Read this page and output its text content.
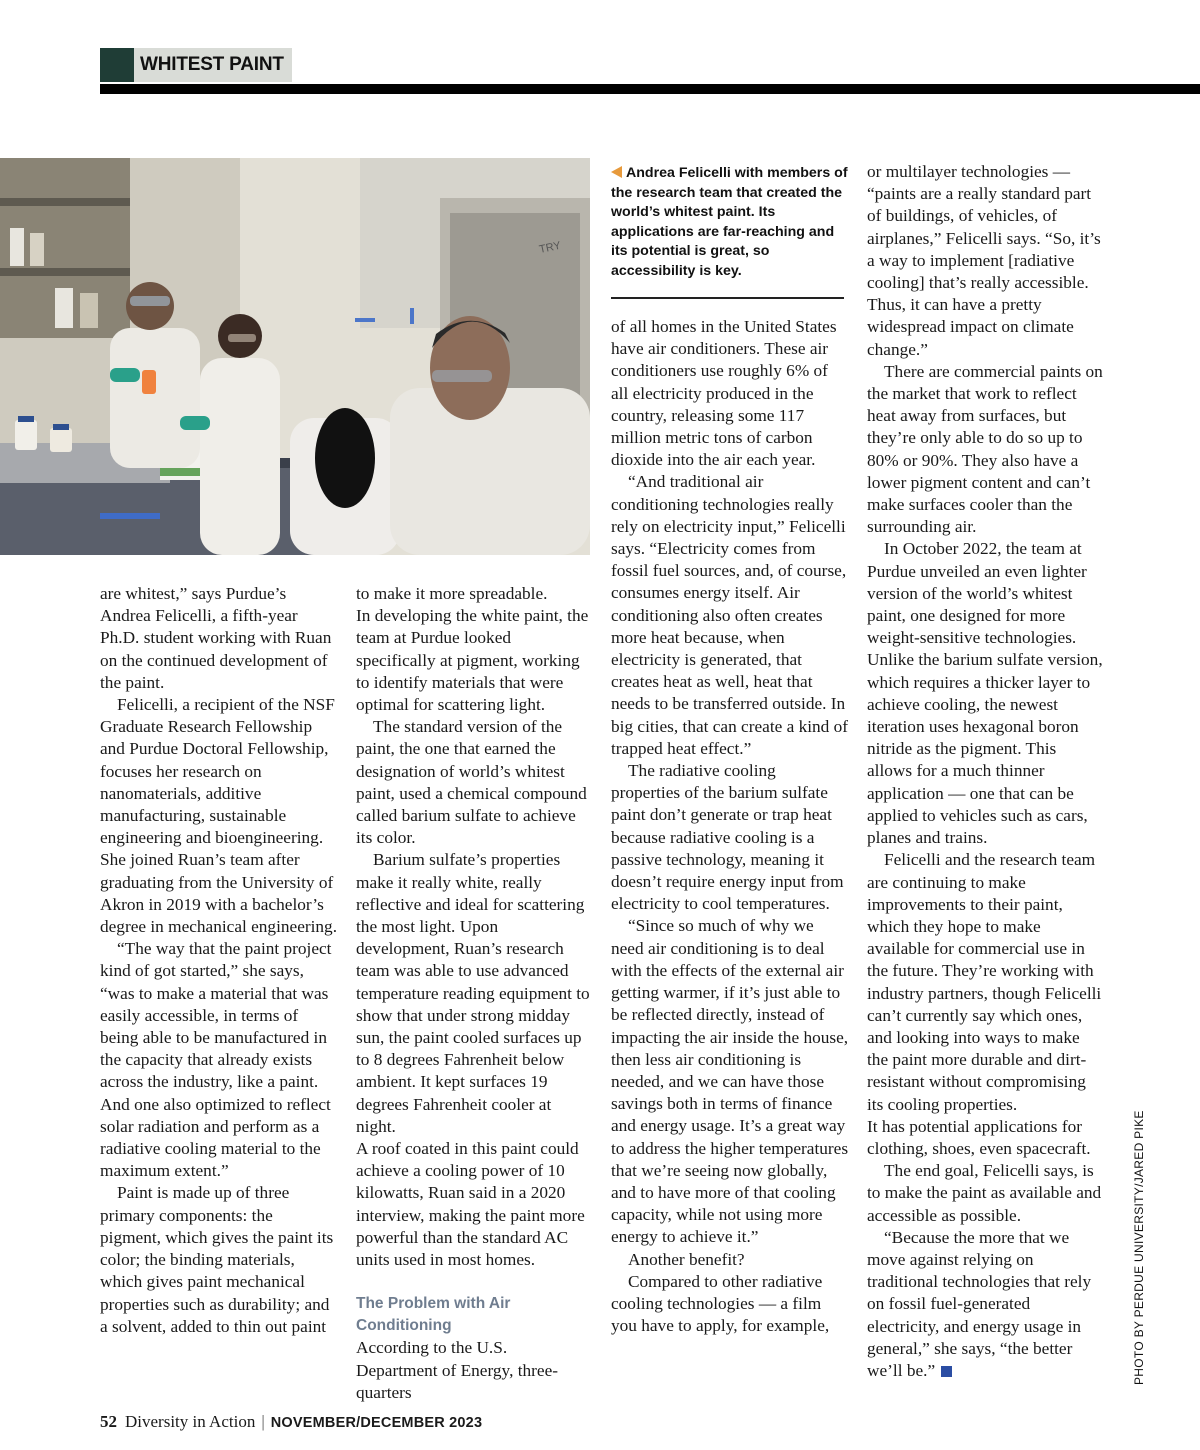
WHITEST PAINT
TRY
Andrea Felicelli with members of the research team that created the world’s whitest paint. Its applications are far-reaching and its potential is great, so accessibility is key.

are whitest,” says Purdue’s Andrea Felicelli, a fifth-year Ph.D. student working with Ruan on the continued development of the paint.

Felicelli, a recipient of the NSF Graduate Research Fellowship and Purdue Doctoral Fellowship, focuses her research on nanomaterials, additive manufacturing, sustainable engineering and bioengineering. She joined Ruan’s team after graduating from the University of Akron in 2019 with a bachelor’s degree in mechanical engineering.

“The way that the paint project kind of got started,” she says, “was to make a material that was easily accessible, in terms of being able to be manufactured in the capacity that already exists across the industry, like a paint. And one also optimized to reflect solar radiation and perform as a radiative cooling material to the maximum extent.”

Paint is made up of three primary components: the pigment, which gives the paint its color; the binding materials, which gives paint mechanical properties such as durability; and a solvent, added to thin out paint

to make it more spreadable.

In developing the white paint, the team at Purdue looked specifically at pigment, working to identify materials that were optimal for scattering light.

The standard version of the paint, the one that earned the designation of world’s whitest paint, used a chemical compound called barium sulfate to achieve its color.

Barium sulfate’s properties make it really white, really reflective and ideal for scattering the most light. Upon development, Ruan’s research team was able to use advanced temperature reading equipment to show that under strong midday sun, the paint cooled surfaces up to 8 degrees Fahrenheit below ambient. It kept surfaces 19 degrees Fahrenheit cooler at night.

A roof coated in this paint could achieve a cooling power of 10 kilowatts, Ruan said in a 2020 interview, making the paint more powerful than the standard AC units used in most homes.

The Problem with Air Conditioning

According to the U.S. Department of Energy, three-quarters

of all homes in the United States have air conditioners. These air conditioners use roughly 6% of all electricity produced in the country, releasing some 117 million metric tons of carbon dioxide into the air each year.

“And traditional air conditioning technologies really rely on electricity input,” Felicelli says. “Electricity comes from fossil fuel sources, and, of course, consumes energy itself. Air conditioning also often creates more heat because, when electricity is generated, that creates heat as well, heat that needs to be transferred outside. In big cities, that can create a kind of trapped heat effect.”

The radiative cooling properties of the barium sulfate paint don’t generate or trap heat because radiative cooling is a passive technology, meaning it doesn’t require energy input from electricity to cool temperatures.

“Since so much of why we need air conditioning is to deal with the effects of the external air getting warmer, if it’s just able to be reflected directly, instead of impacting the air inside the house, then less air conditioning is needed, and we can have those savings both in terms of finance and energy usage. It’s a great way to address the higher temperatures that we’re seeing now globally, and to have more of that cooling capacity, while not using more energy to achieve it.”

Another benefit?

Compared to other radiative cooling technologies — a film you have to apply, for example,

or multilayer technologies — “paints are a really standard part of buildings, of vehicles, of airplanes,” Felicelli says. “So, it’s a way to implement [radiative cooling] that’s really accessible. Thus, it can have a pretty widespread impact on climate change.”

There are commercial paints on the market that work to reflect heat away from surfaces, but they’re only able to do so up to 80% or 90%. They also have a lower pigment content and can’t make surfaces cooler than the surrounding air.

In October 2022, the team at Purdue unveiled an even lighter version of the world’s whitest paint, one designed for more weight-sensitive technologies. Unlike the barium sulfate version, which requires a thicker layer to achieve cooling, the newest iteration uses hexagonal boron nitride as the pigment. This allows for a much thinner application — one that can be applied to vehicles such as cars, planes and trains.

Felicelli and the research team are continuing to make improvements to their paint, which they hope to make available for commercial use in the future. They’re working with industry partners, though Felicelli can’t currently say which ones, and looking into ways to make the paint more durable and dirt-resistant without compromising its cooling properties.

It has potential applications for clothing, shoes, even spacecraft.

The end goal, Felicelli says, is to make the paint as available and accessible as possible.

“Because the more that we move against relying on traditional technologies that rely on fossil fuel-generated electricity, and energy usage in general,” she says, “the better we’ll be.”	PHOTO BY PERDUE UNIVERSITY/JARED PIKE
52 Diversity in Action | NOVEMBER/DECEMBER 2023
